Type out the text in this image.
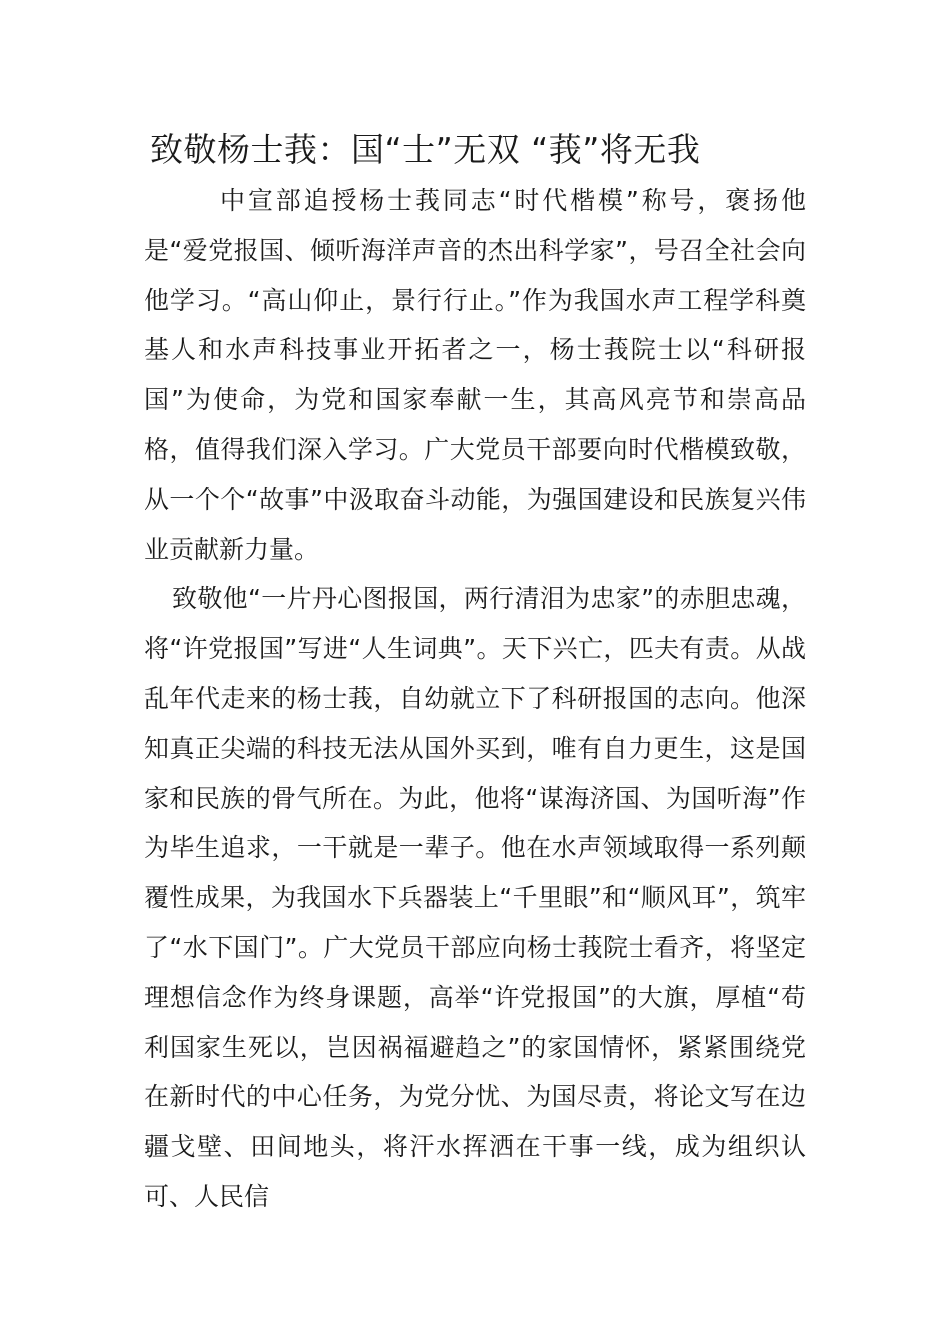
致敬杨士莪：国“士”无双 “莪”将无我

中宣部追授杨士莪同志“时代楷模”称号，褒扬他是“爱党报国、倾听海洋声音的杰出科学家”，号召全社会向他学习。“高山仰止，景行行止。”作为我国水声工程学科奠基人和水声科技事业开拓者之一，杨士莪院士以“科研报国”为使命，为党和国家奉献一生，其高风亮节和崇高品格，值得我们深入学习。广大党员干部要向时代楷模致敬，从一个个“故事”中汲取奋斗动能，为强国建设和民族复兴伟业贡献新力量。

致敬他“一片丹心图报国，两行清泪为忠家”的赤胆忠魂，将“许党报国”写进“人生词典”。天下兴亡，匹夫有责。从战乱年代走来的杨士莪，自幼就立下了科研报国的志向。他深知真正尖端的科技无法从国外买到，唯有自力更生，这是国家和民族的骨气所在。为此，他将“谋海济国、为国听海”作为毕生追求，一干就是一辈子。他在水声领域取得一系列颠覆性成果，为我国水下兵器装上“千里眼”和“顺风耳”，筑牢了“水下国门”。广大党员干部应向杨士莪院士看齐，将坚定理想信念作为终身课题，高举“许党报国”的大旗，厚植“苟利国家生死以，岂因祸福避趋之”的家国情怀，紧紧围绕党在新时代的中心任务，为党分忧、为国尽责，将论文写在边疆戈壁、田间地头，将汗水挥洒在干事一线，成为组织认可、人民信
